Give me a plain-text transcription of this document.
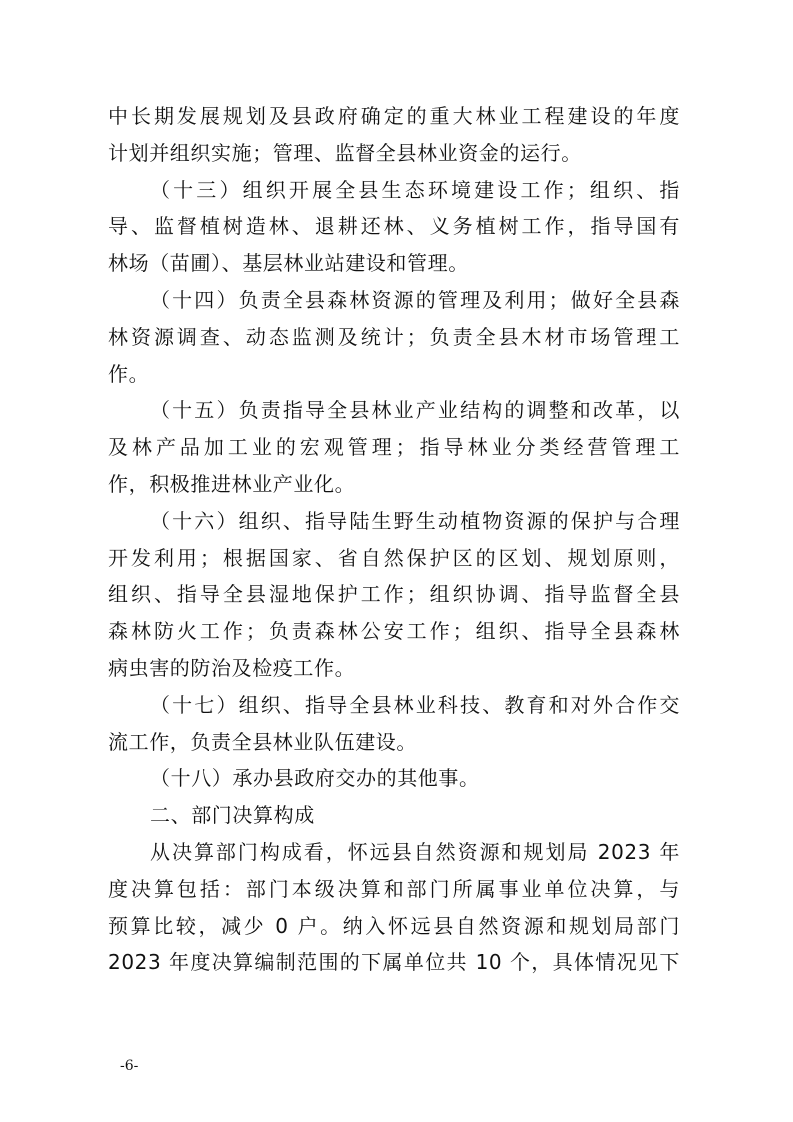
中长期发展规划及县政府确定的重大林业工程建设的年度
计划并组织实施；管理、监督全县林业资金的运行。
（十三）组织开展全县生态环境建设工作；组织、指
导、监督植树造林、退耕还林、义务植树工作，指导国有
林场（苗圃）、基层林业站建设和管理。
（十四）负责全县森林资源的管理及利用；做好全县森
林资源调查、动态监测及统计；负责全县木材市场管理工
作。
（十五）负责指导全县林业产业结构的调整和改革，以
及林产品加工业的宏观管理；指导林业分类经营管理工
作，积极推进林业产业化。
（十六）组织、指导陆生野生动植物资源的保护与合理
开发利用；根据国家、省自然保护区的区划、规划原则，
组织、指导全县湿地保护工作；组织协调、指导监督全县
森林防火工作；负责森林公安工作；组织、指导全县森林
病虫害的防治及检疫工作。
（十七）组织、指导全县林业科技、教育和对外合作交
流工作，负责全县林业队伍建设。
（十八）承办县政府交办的其他事。
二、部门决算构成
从决算部门构成看，怀远县自然资源和规划局 2023 年
度决算包括：部门本级决算和部门所属事业单位决算，与
预算比较，减少 0 户。纳入怀远县自然资源和规划局部门
2023 年度决算编制范围的下属单位共 10 个，具体情况见下
-6-
